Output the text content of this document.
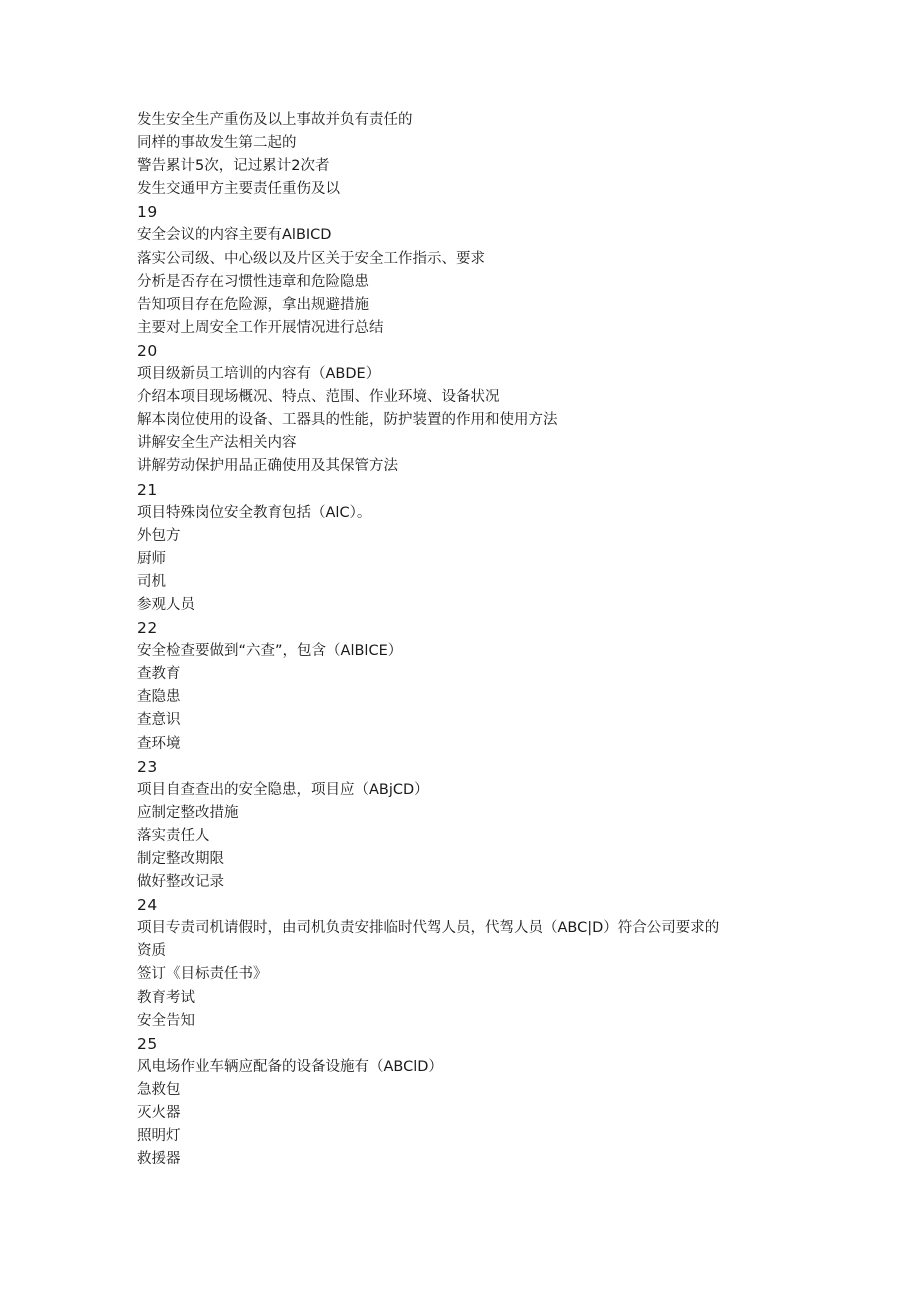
发生安全生产重伤及以上事故并负有责任的
同样的事故发生第二起的
警告累计5次，记过累计2次者
发生交通甲方主要责任重伤及以
19
安全会议的内容主要有AlBICD
落实公司级、中心级以及片区关于安全工作指示、要求
分析是否存在习惯性违章和危险隐患
告知项目存在危险源，拿出规避措施
主要对上周安全工作开展情况进行总结
20
项目级新员工培训的内容有（ABDE）
介绍本项目现场概况、特点、范围、作业环境、设备状况
解本岗位使用的设备、工器具的性能，防护装置的作用和使用方法
讲解安全生产法相关内容
讲解劳动保护用品正确使用及其保管方法
21
项目特殊岗位安全教育包括（AlC）。
外包方
厨师
司机
参观人员
22
安全检查要做到“六查”，包含（AlBlCE）
查教育
查隐患
查意识
查环境
23
项目自查查出的安全隐患，项目应（ABjCD）
应制定整改措施
落实责任人
制定整改期限
做好整改记录
24
项目专责司机请假时，由司机负责安排临时代驾人员，代驾人员（ABC|D）符合公司要求的
资质
签订《目标责任书》
教育考试
安全告知
25
风电场作业车辆应配备的设备设施有（ABClD）
急救包
灭火器
照明灯
救援器
